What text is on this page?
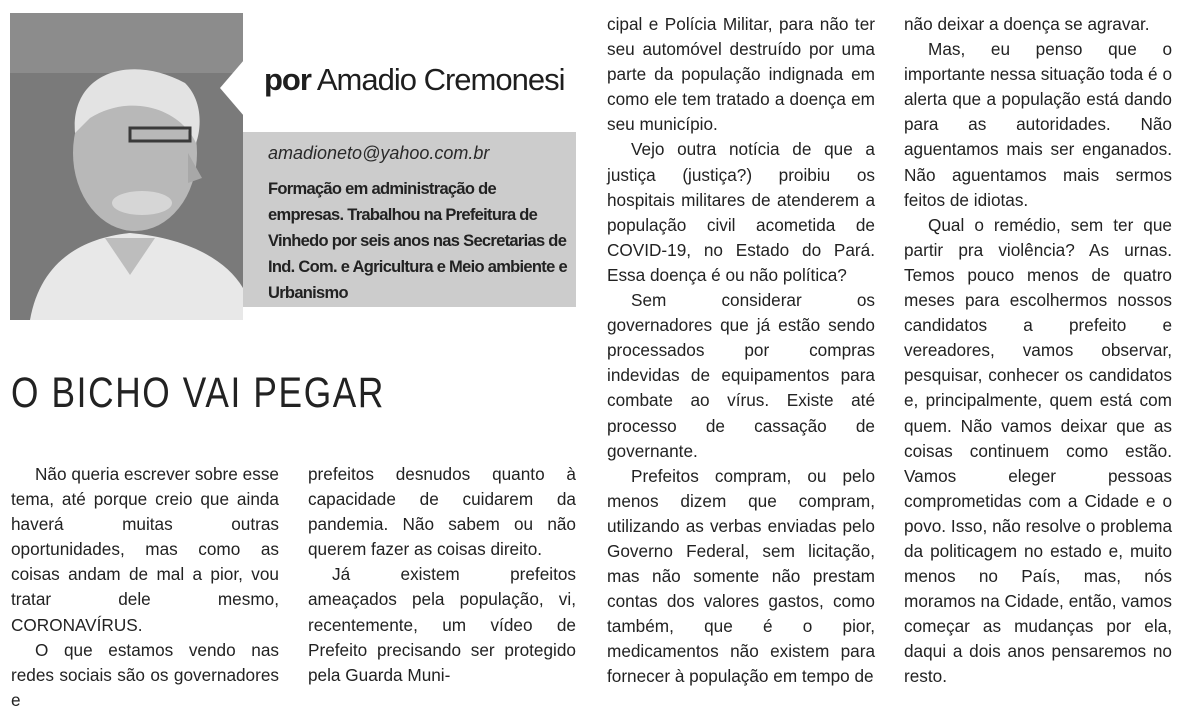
por Amadio Cremonesi
amadioneto@yahoo.com.br
Formação em administração de empresas. Trabalhou na Prefeitura de Vinhedo por seis anos nas Secretarias de Ind. Com. e Agricultura e Meio ambiente e Urbanismo
O BICHO VAI PEGAR

Não queria escrever sobre esse tema, até porque creio que ainda haverá muitas outras oportunidades, mas como as coisas andam de mal a pior, vou tratar dele mesmo, CORONAVÍRUS.

O que estamos vendo nas redes sociais são os governadores e

prefeitos desnudos quanto à capacidade de cuidarem da pandemia. Não sabem ou não querem fazer as coisas direito.

Já existem prefeitos ameaçados pela população, vi, recentemente, um vídeo de Prefeito precisando ser protegido pela Guarda Muni-

cipal e Polícia Militar, para não ter seu automóvel destruído por uma parte da população indignada em como ele tem tratado a doença em seu município.

Vejo outra notícia de que a justiça (justiça?) proibiu os hospitais militares de atenderem a população civil acometida de COVID-19, no Estado do Pará. Essa doença é ou não política?

Sem considerar os governadores que já estão sendo processados por compras indevidas de equipamentos para combate ao vírus. Existe até processo de cassação de governante.

Prefeitos compram, ou pelo menos dizem que compram, utilizando as verbas enviadas pelo Governo Federal, sem licitação, mas não somente não prestam contas dos valores gastos, como também, que é o pior, medicamentos não existem para fornecer à população em tempo de

não deixar a doença se agravar.

Mas, eu penso que o importante nessa situação toda é o alerta que a população está dando para as autoridades. Não aguentamos mais ser enganados. Não aguentamos mais sermos feitos de idiotas.

Qual o remédio, sem ter que partir pra violência? As urnas. Temos pouco menos de quatro meses para escolhermos nossos candidatos a prefeito e vereadores, vamos observar, pesquisar, conhecer os candidatos e, principalmente, quem está com quem. Não vamos deixar que as coisas continuem como estão. Vamos eleger pessoas comprometidas com a Cidade e o povo. Isso, não resolve o problema da politicagem no estado e, muito menos no País, mas, nós moramos na Cidade, então, vamos começar as mudanças por ela, daqui a dois anos pensaremos no resto.
